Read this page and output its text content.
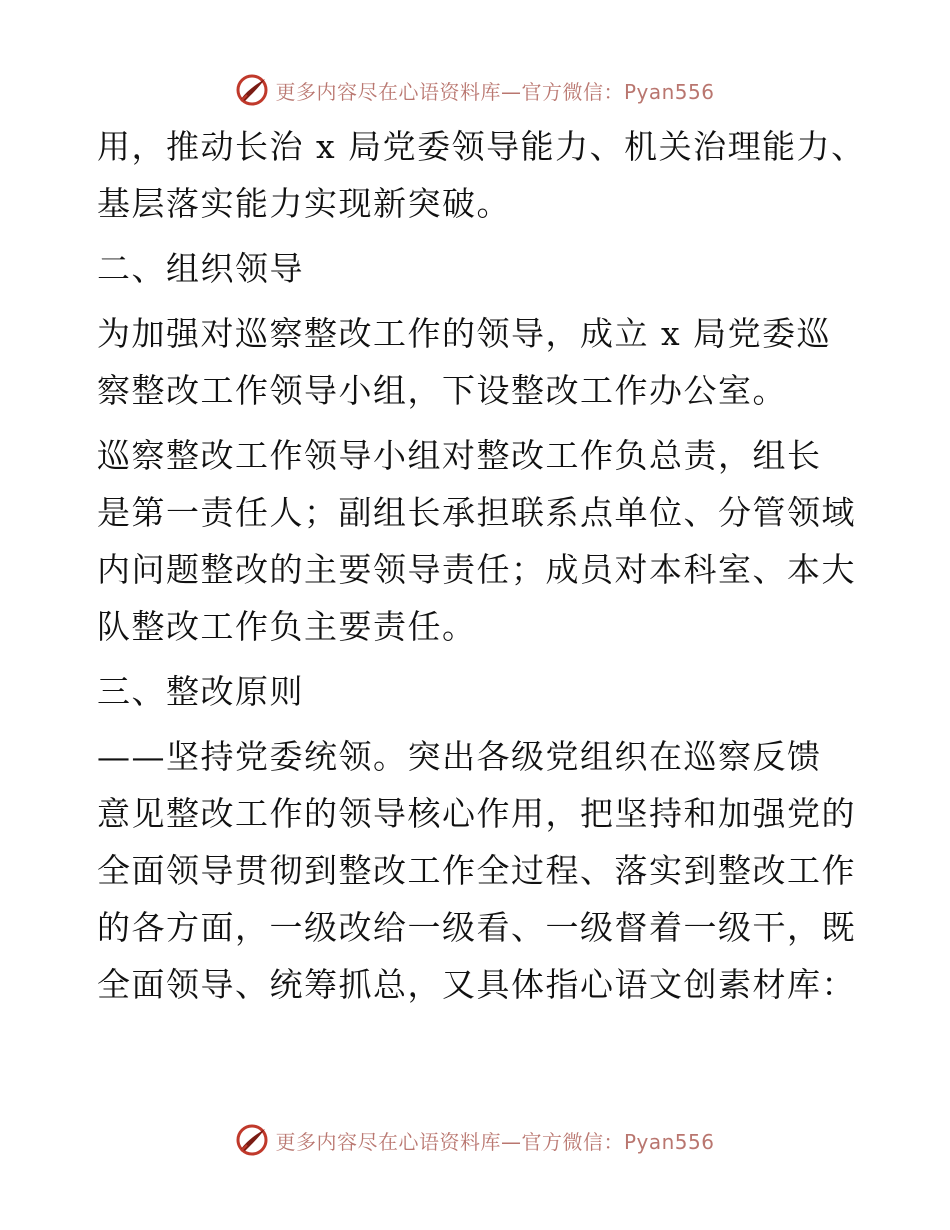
更多内容尽在心语资料库—官方微信：Pyan556

用，推动长治 x 局党委领导能力、机关治理能力、
基层落实能力实现新突破。

二、组织领导

为加强对巡察整改工作的领导，成立 x 局党委巡
察整改工作领导小组，下设整改工作办公室。

巡察整改工作领导小组对整改工作负总责，组长
是第一责任人；副组长承担联系点单位、分管领域
内问题整改的主要领导责任；成员对本科室、本大
队整改工作负主要责任。

三、整改原则

——坚持党委统领。突出各级党组织在巡察反馈
意见整改工作的领导核心作用，把坚持和加强党的
全面领导贯彻到整改工作全过程、落实到整改工作
的各方面，一级改给一级看、一级督着一级干，既
全面领导、统筹抓总，又具体指心语文创素材库：

更多内容尽在心语资料库—官方微信：Pyan556
